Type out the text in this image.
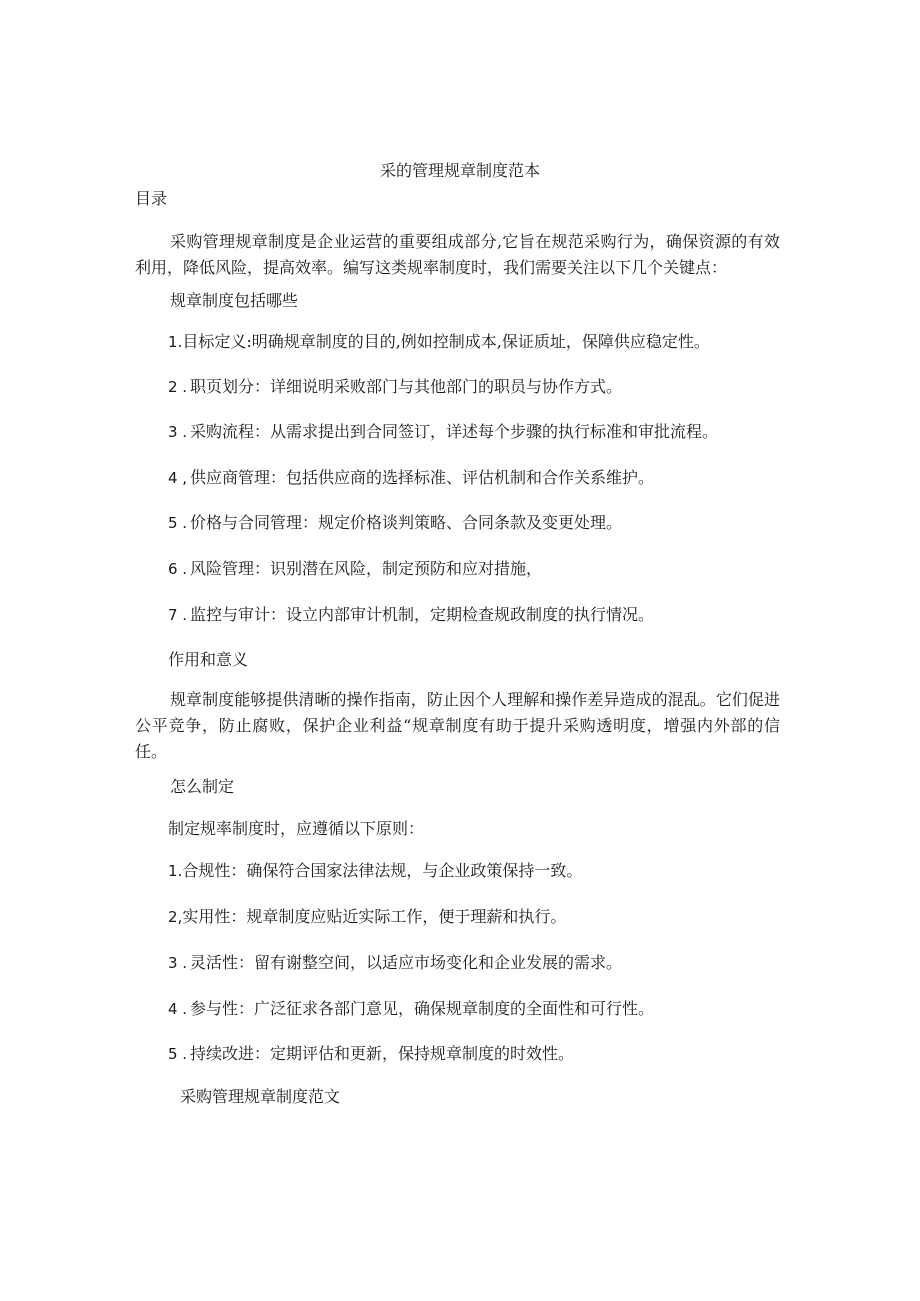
采的管理规章制度范本

目录

采购管理规章制度是企业运营的重要组成部分,它旨在规范采购行为，确保资源的有效利用，降低风险，提高效率。编写这类规率制度时，我们需要关注以下几个关键点：

规章制度包括哪些

1.目标定义:明确规章制度的目的,例如控制成本,保证质址，保障供应稳定性。

2 . 职页划分：详细说明采败部门与其他部门的职员与协作方式。

3 . 采购流程：从需求提出到合同签订，详述每个步骤的执行标准和审批流程。

4 , 供应商管理：包括供应商的选择标准、评估机制和合作关系维护。

5 . 价格与合同管理：规定价格谈判策略、合同条款及变更处理。

6 . 风险管理：识别潜在风险，制定预防和应对措施，

7 . 监控与审计：设立内部审计机制，定期检查规政制度的执行情况。

作用和意义

规章制度能够提供清晰的操作指南，防止因个人理解和操作差异造成的混乱。它们促进公平竞争，防止腐败，保护企业利益“规章制度有助于提升采购透明度，增强内外部的信任。

怎么制定

制定规率制度时，应遵循以下原则：

1.合规性：确保符合国家法律法规，与企业政策保持一致。

2,实用性：规章制度应贴近实际工作，便于理薪和执行。

3 . 灵活性：留有谢整空间，以适应市场变化和企业发展的需求。

4 . 参与性：广泛征求各部门意见，确保规章制度的全面性和可行性。

5 . 持续改进：定期评估和更新，保持规章制度的时效性。

采购管理规章制度范文
